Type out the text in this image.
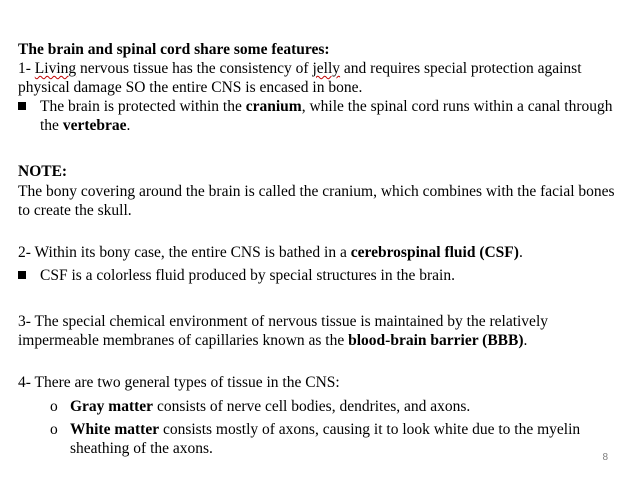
The brain and spinal cord share some features:

1- Living nervous tissue has the consistency of jelly and requires special protection against physical damage SO the entire CNS is encased in bone.

The brain is protected within the cranium, while the spinal cord runs within a canal through the vertebrae.

NOTE:

The bony covering around the brain is called the cranium, which combines with the facial bones to create the skull.

2- Within its bony case, the entire CNS is bathed in a cerebrospinal fluid (CSF).

CSF is a colorless fluid produced by special structures in the brain.

3- The special chemical environment of nervous tissue is maintained by the relatively impermeable membranes of capillaries known as the blood-brain barrier (BBB).

4- There are two general types of tissue in the CNS:

o Gray matter consists of nerve cell bodies, dendrites, and axons.
o White matter consists mostly of axons, causing it to look white due to the myelin sheathing of the axons.
8
